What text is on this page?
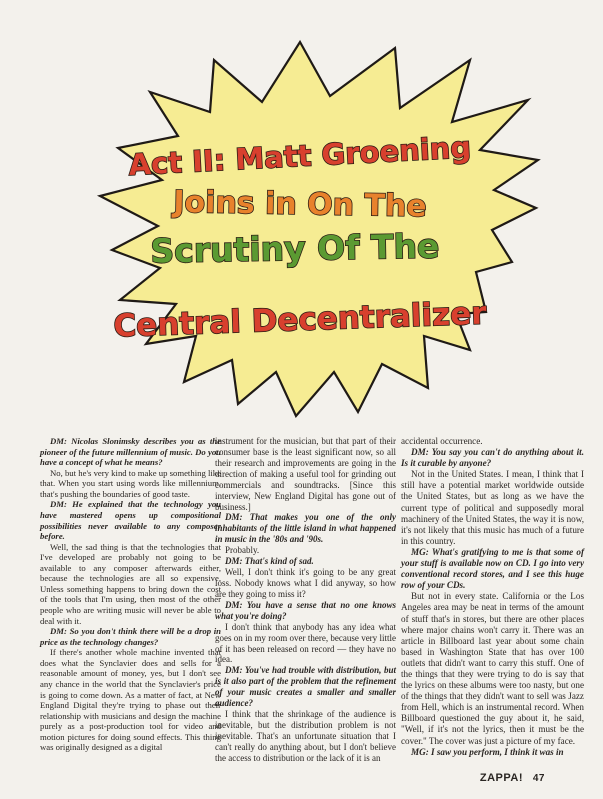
Act II: Matt Groening
Joins in On The
Scrutiny Of The
Central Decentralizer

DM: Nicolas Slonimsky describes you as the pioneer of the future millennium of music. Do you have a concept of what he means?

No, but he's very kind to make up something like that. When you start using words like millennium, that's pushing the boundaries of good taste.

DM: He explained that the technology you have mastered opens up compositional possibilities never available to any composer before.

Well, the sad thing is that the technologies that I've developed are probably not going to be available to any composer afterwards either, because the technologies are all so expensive. Unless something happens to bring down the cost of the tools that I'm using, then most of the other people who are writing music will never be able to deal with it.

DM: So you don't think there will be a drop in price as the technology changes?

If there's another whole machine invented that does what the Synclavier does and sells for a reasonable amount of money, yes, but I don't see any chance in the world that the Synclavier's price is going to come down. As a matter of fact, at New England Digital they're trying to phase out their relationship with musicians and design the machine purely as a post-production tool for video and motion pictures for doing sound effects. This thing was originally designed as a digital

instrument for the musician, but that part of their consumer base is the least significant now, so all their research and improvements are going in the direction of making a useful tool for grinding out commercials and soundtracks. [Since this interview, New England Digital has gone out of business.]

DM: That makes you one of the only inhabitants of the little island in what happened in music in the '80s and '90s.

Probably.

DM: That's kind of sad.

Well, I don't think it's going to be any great loss. Nobody knows what I did anyway, so how are they going to miss it?

DM: You have a sense that no one knows what you're doing?

I don't think that anybody has any idea what goes on in my room over there, because very little of it has been released on record — they have no idea.

DM: You've had trouble with distribution, but is it also part of the problem that the refinement of your music creates a smaller and smaller audience?

I think that the shrinkage of the audience is inevitable, but the distribution problem is not inevitable. That's an unfortunate situation that I can't really do anything about, but I don't believe the access to distribution or the lack of it is an

accidental occurrence.

DM: You say you can't do anything about it. Is it curable by anyone?

Not in the United States. I mean, I think that I still have a potential market worldwide outside the United States, but as long as we have the current type of political and supposedly moral machinery of the United States, the way it is now, it's not likely that this music has much of a future in this country.

MG: What's gratifying to me is that some of your stuff is available now on CD. I go into very conventional record stores, and I see this huge row of your CDs.

But not in every state. California or the Los Angeles area may be neat in terms of the amount of stuff that's in stores, but there are other places where major chains won't carry it. There was an article in Billboard last year about some chain based in Washington State that has over 100 outlets that didn't want to carry this stuff. One of the things that they were trying to do is say that the lyrics on these albums were too nasty, but one of the things that they didn't want to sell was Jazz from Hell, which is an instrumental record. When Billboard questioned the guy about it, he said, "Well, if it's not the lyrics, then it must be the cover." The cover was just a picture of my face.

MG: I saw you perform, I think it was in

ZAPPA! 47
